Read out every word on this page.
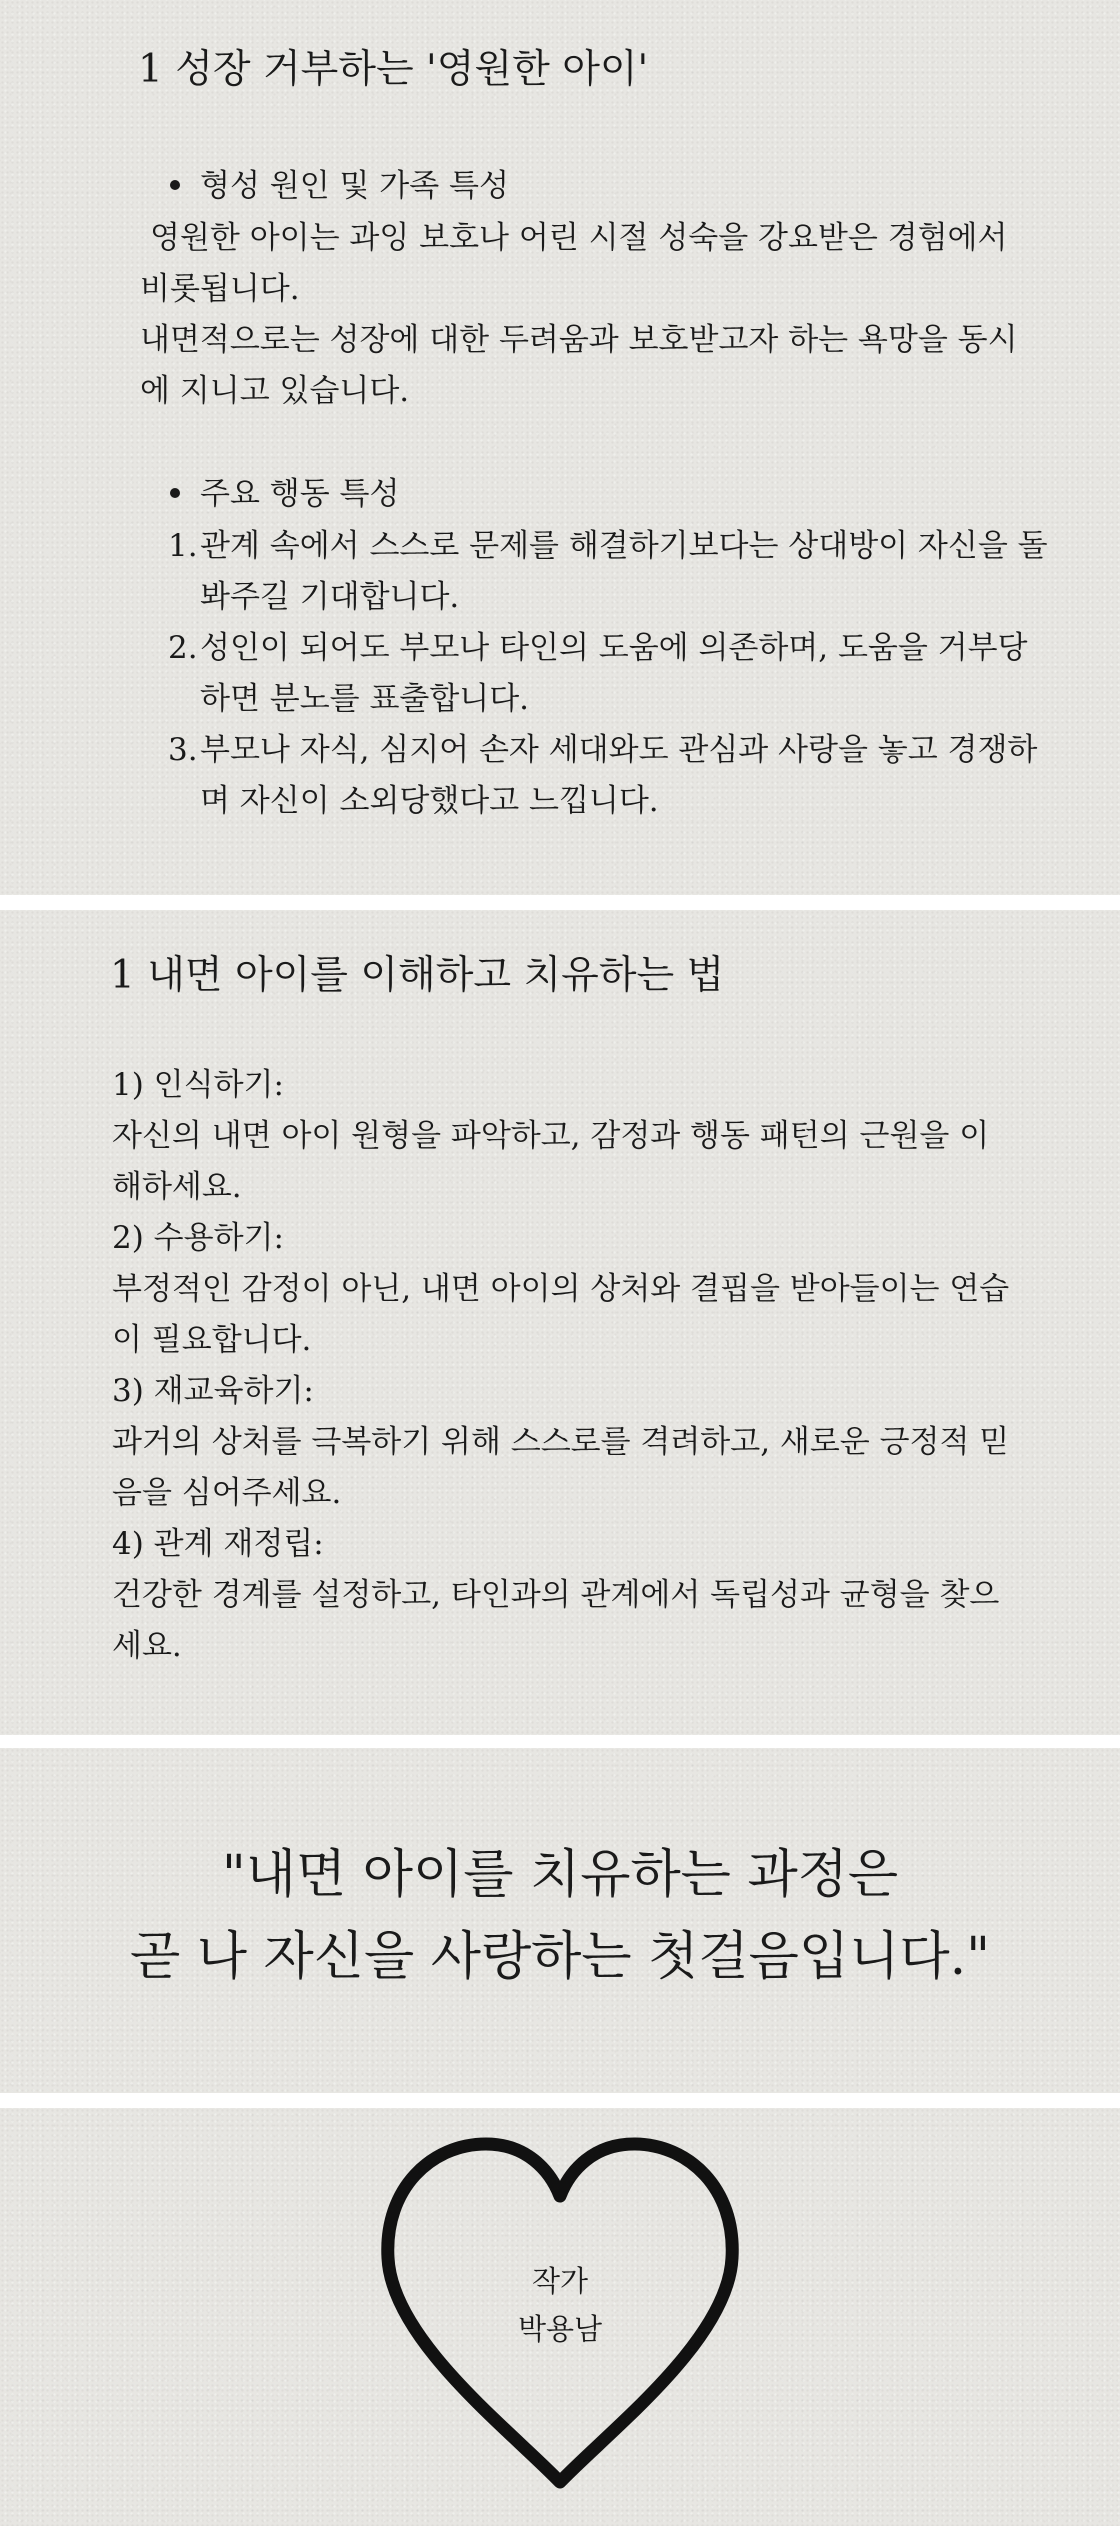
1 성장 거부하는 '영원한 아이'
형성 원인 및 가족 특성

영원한 아이는 과잉 보호나 어린 시절 성숙을 강요받은 경험에서 비롯됩니다.

내면적으로는 성장에 대한 두려움과 보호받고자 하는 욕망을 동시에 지니고 있습니다.

주요 행동 특성
1. 관계 속에서 스스로 문제를 해결하기보다는 상대방이 자신을 돌봐주길 기대합니다.
2. 성인이 되어도 부모나 타인의 도움에 의존하며, 도움을 거부당하면 분노를 표출합니다.
3. 부모나 자식, 심지어 손자 세대와도 관심과 사랑을 놓고 경쟁하며 자신이 소외당했다고 느낍니다.
1 내면 아이를 이해하고 치유하는 법

1) 인식하기:

자신의 내면 아이 원형을 파악하고, 감정과 행동 패턴의 근원을 이해하세요.

2) 수용하기:

부정적인 감정이 아닌, 내면 아이의 상처와 결핍을 받아들이는 연습이 필요합니다.

3) 재교육하기:

과거의 상처를 극복하기 위해 스스로를 격려하고, 새로운 긍정적 믿음을 심어주세요.

4) 관계 재정립:

건강한 경계를 설정하고, 타인과의 관계에서 독립성과 균형을 찾으세요.

"내면 아이를 치유하는 과정은

곧 나 자신을 사랑하는 첫걸음입니다."

작가
박용남
